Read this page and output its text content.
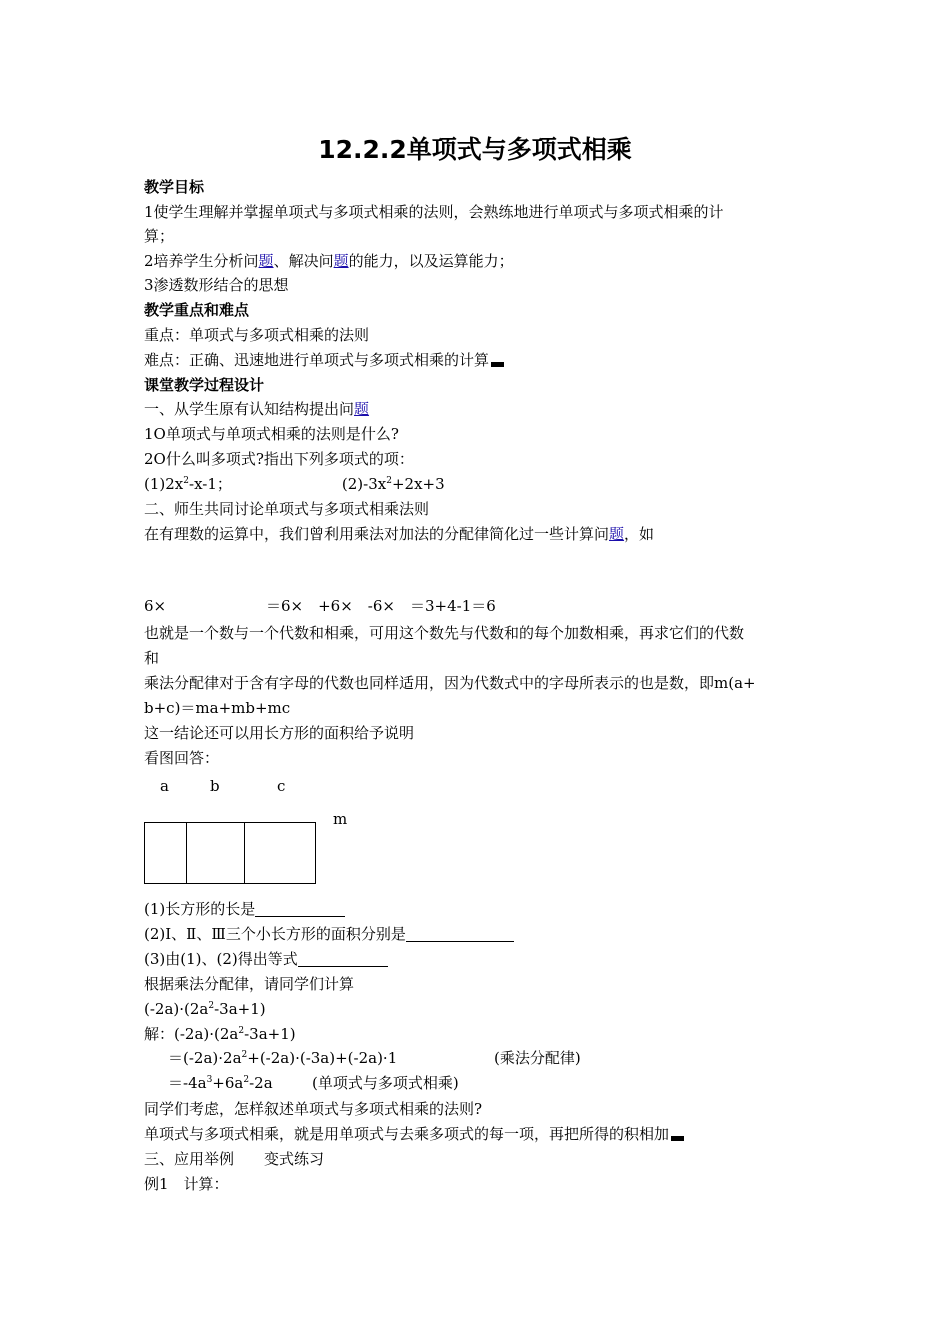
12.2.2单项式与多项式相乘
教学目标
1使学生理解并掌握单项式与多项式相乘的法则，会熟练地进行单项式与多项式相乘的计
算；
2培养学生分析问题、解决问题的能力，以及运算能力；
3渗透数形结合的思想
教学重点和难点
重点：单项式与多项式相乘的法则
难点：正确、迅速地进行单项式与多项式相乘的计算
课堂教学过程设计
一、从学生原有认知结构提出问题
1O单项式与单项式相乘的法则是什么?
2O什么叫多项式?指出下列多项式的项：
$(1)2x^2-x-1$；	$(2)-3x^2+2x+3$
二、师生共同讨论单项式与多项式相乘法则
在有理数的运算中，我们曾利用乘法对加法的分配律简化过一些计算问题，如
6×	＝6×　+6×　-6×　＝3+4-1＝6
也就是一个数与一个代数和相乘，可用这个数先与代数和的每个加数相乘，再求它们的代数
和
乘法分配律对于含有字母的代数也同样适用，因为代数式中的字母所表示的也是数，即m(a+
b+c)＝ma+mb+mc
这一结论还可以用长方形的面积给予说明
看图回答：
a	b	c
m
(1)长方形的长是
(2)Ⅰ、Ⅱ、Ⅲ三个小长方形的面积分别是
(3)由(1)、(2)得出等式
根据乘法分配律，请同学们计算
$(-2a)\cdot(2a^2-3a+1)$
解：$(-2a)\cdot(2a^2-3a+1)$
$=(-2a)\cdot 2a^2+(-2a)\cdot(-3a)+(-2a)\cdot 1$	(乘法分配律)
$=-4a^3+6a^2-2a$	(单项式与多项式相乘)
同学们考虑，怎样叙述单项式与多项式相乘的法则?
单项式与多项式相乘，就是用单项式与去乘多项式的每一项，再把所得的积相加
三、应用举例　　变式练习
例1　计算：
